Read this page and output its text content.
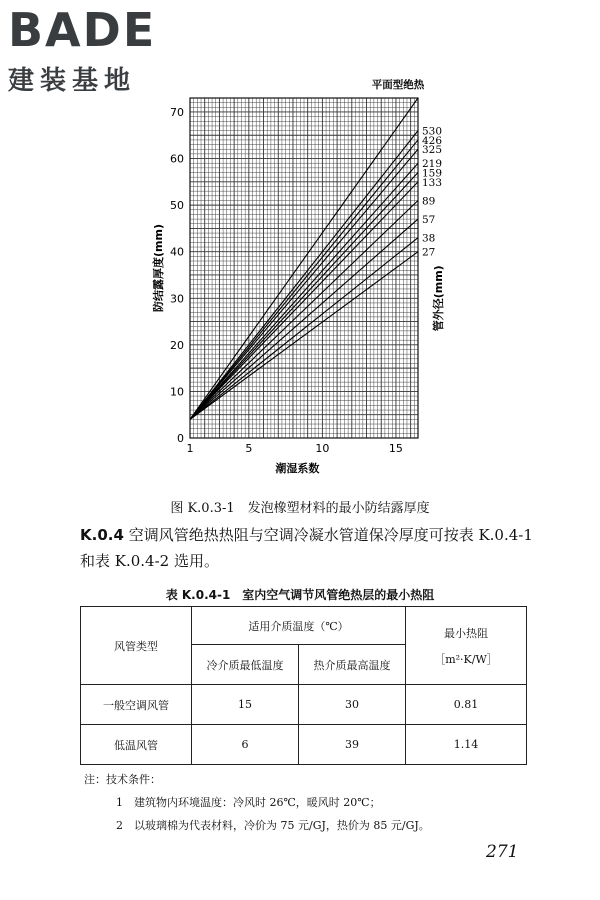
BADE
建装基地
0
10
20
30
40
50
60
70
1	5	10	15
潮湿系数
防结露厚度(mm)	管外径(mm)
平面型绝热
530
426
325
219
159
133
89
57
38
27
图 K.0.3-1　发泡橡塑材料的最小防结露厚度
K.0.4 空调风管绝热热阻与空调冷凝水管道保冷厚度可按表 K.0.4-1和表 K.0.4-2 选用。
表 K.0.4-1　室内空气调节风管绝热层的最小热阻
风管类型	适用介质温度（℃）		最小热阻
［m²·K/W］

	冷介质最低温度	热介质最高温度	
一般空调风管	15	30	0.81
低温风管	6	39	1.14
注：技术条件：
1　建筑物内环境温度：冷风时 26℃，暖风时 20℃；
2　以玻璃棉为代表材料，冷价为 75 元/GJ，热价为 85 元/GJ。
271
